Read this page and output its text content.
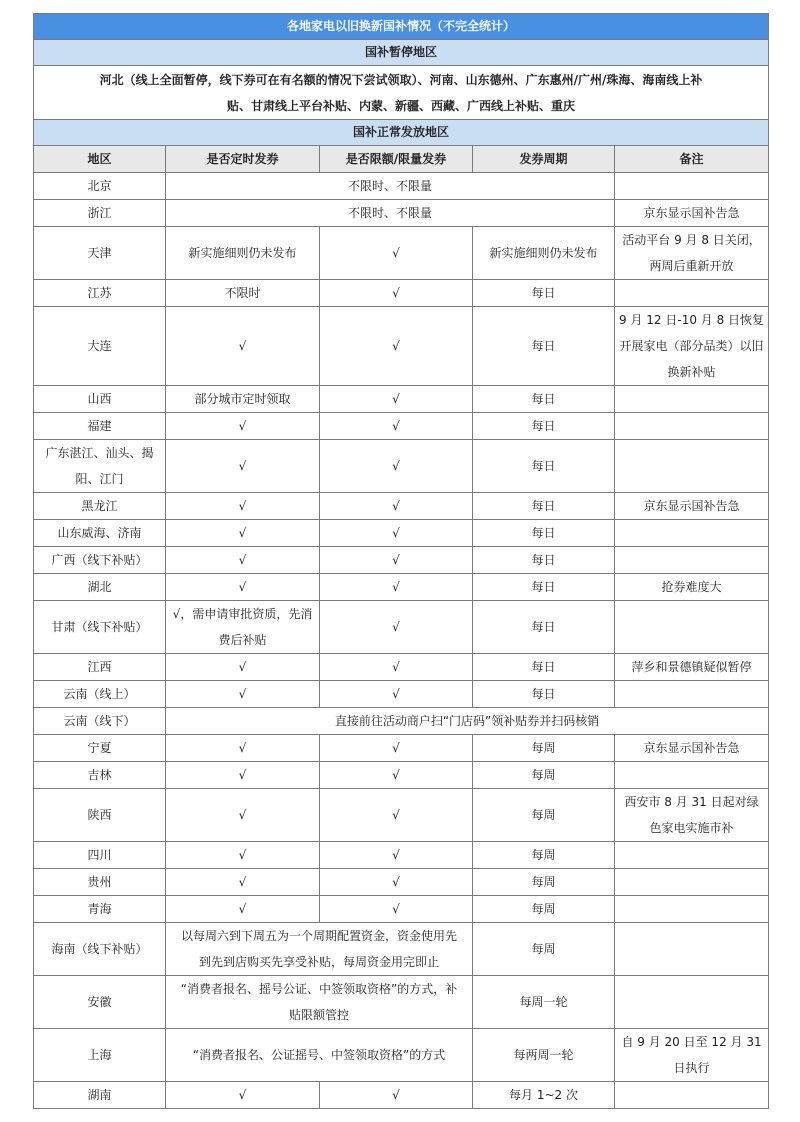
各地家电以旧换新国补情况（不完全统计）				
国补暂停地区				
河北（线上全面暂停，线下券可在有名额的情况下尝试领取）、河南、山东德州、广东惠州/广州/珠海、海南线上补贴、甘肃线上平台补贴、内蒙、新疆、西藏、广西线上补贴、重庆				
国补正常发放地区				
地区	是否定时发券	是否限额/限量发券	发券周期	备注
北京	不限时、不限量			
浙江	不限时、不限量			京东显示国补告急
天津	新实施细则仍未发布	√	新实施细则仍未发布	活动平台 9 月 8 日关闭，两周后重新开放
江苏	不限时	√	每日	
大连	√	√	每日	9 月 12 日-10 月 8 日恢复开展家电（部分品类）以旧换新补贴
山西	部分城市定时领取	√	每日	
福建	√	√	每日	
广东湛江、汕头、揭阳、江门	√	√	每日	
黑龙江	√	√	每日	京东显示国补告急
山东威海、济南	√	√	每日	
广西（线下补贴）	√	√	每日	
湖北	√	√	每日	抢券难度大
甘肃（线下补贴）	√，需申请审批资质，先消费后补贴	√	每日	
江西	√	√	每日	萍乡和景德镇疑似暂停
云南（线上）	√	√	每日	
云南（线下）	直接前往活动商户扫“门店码”领补贴券并扫码核销			
宁夏	√	√	每周	京东显示国补告急
吉林	√	√	每周	
陕西	√	√	每周	西安市 8 月 31 日起对绿色家电实施市补
四川	√	√	每周	
贵州	√	√	每周	
青海	√	√	每周	
海南（线下补贴）	以每周六到下周五为一个周期配置资金，资金使用先到先到店购买先享受补贴，每周资金用完即止		每周	
安徽	“消费者报名、摇号公证、中签领取资格”的方式，补贴限额管控		每周一轮	
上海	“消费者报名、公证摇号、中签领取资格”的方式		每两周一轮	自 9 月 20 日至 12 月 31 日执行
湖南	√	√	每月 1~2 次	
